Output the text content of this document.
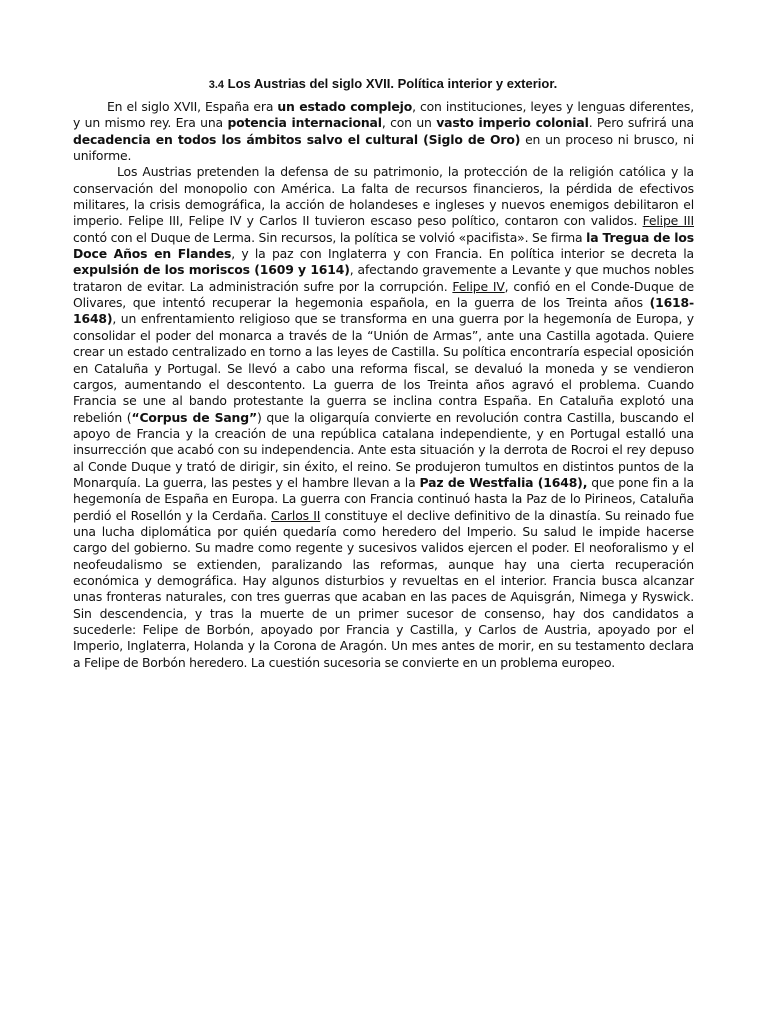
3.4 Los Austrias del siglo XVII. Política interior y exterior.

En el siglo XVII, España era un estado complejo, con instituciones, leyes y lenguas diferentes, y un mismo rey. Era una potencia internacional, con un vasto imperio colonial. Pero sufrirá una decadencia en todos los ámbitos salvo el cultural (Siglo de Oro) en un proceso ni brusco, ni uniforme.

Los Austrias pretenden la defensa de su patrimonio, la protección de la religión católica y la conservación del monopolio con América. La falta de recursos financieros, la pérdida de efectivos militares, la crisis demográfica, la acción de holandeses e ingleses y nuevos enemigos debilitaron el imperio. Felipe III, Felipe IV y Carlos II tuvieron escaso peso político, contaron con validos. Felipe III contó con el Duque de Lerma. Sin recursos, la política se volvió «pacifista». Se firma la Tregua de los Doce Años en Flandes, y la paz con Inglaterra y con Francia. En política interior se decreta la expulsión de los moriscos (1609 y 1614), afectando gravemente a Levante y que muchos nobles trataron de evitar. La administración sufre por la corrupción. Felipe IV, confió en el Conde-Duque de Olivares, que intentó recuperar la hegemonia española, en la guerra de los Treinta años (1618-1648), un enfrentamiento religioso que se transforma en una guerra por la hegemonía de Europa, y consolidar el poder del monarca a través de la “Unión de Armas”, ante una Castilla agotada. Quiere crear un estado centralizado en torno a las leyes de Castilla. Su política encontraría especial oposición en Cataluña y Portugal. Se llevó a cabo una reforma fiscal, se devaluó la moneda y se vendieron cargos, aumentando el descontento. La guerra de los Treinta años agravó el problema. Cuando Francia se une al bando protestante la guerra se inclina contra España. En Cataluña explotó una rebelión (“Corpus de Sang”) que la oligarquía convierte en revolución contra Castilla, buscando el apoyo de Francia y la creación de una república catalana independiente, y en Portugal estalló una insurrección que acabó con su independencia. Ante esta situación y la derrota de Rocroi el rey depuso al Conde Duque y trató de dirigir, sin éxito, el reino. Se produjeron tumultos en distintos puntos de la Monarquía. La guerra, las pestes y el hambre llevan a la Paz de Westfalia (1648), que pone fin a la hegemonía de España en Europa. La guerra con Francia continuó hasta la Paz de lo Pirineos, Cataluña perdió el Rosellón y la Cerdaña. Carlos II constituye el declive definitivo de la dinastía. Su reinado fue una lucha diplomática por quién quedaría como heredero del Imperio. Su salud le impide hacerse cargo del gobierno. Su madre como regente y sucesivos validos ejercen el poder. El neoforalismo y el neofeudalismo se extienden, paralizando las reformas, aunque hay una cierta recuperación económica y demográfica. Hay algunos disturbios y revueltas en el interior. Francia busca alcanzar unas fronteras naturales, con tres guerras que acaban en las paces de Aquisgrán, Nimega y Ryswick. Sin descendencia, y tras la muerte de un primer sucesor de consenso, hay dos candidatos a sucederle: Felipe de Borbón, apoyado por Francia y Castilla, y Carlos de Austria, apoyado por el Imperio, Inglaterra, Holanda y la Corona de Aragón. Un mes antes de morir, en su testamento declara a Felipe de Borbón heredero. La cuestión sucesoria se convierte en un problema europeo.
